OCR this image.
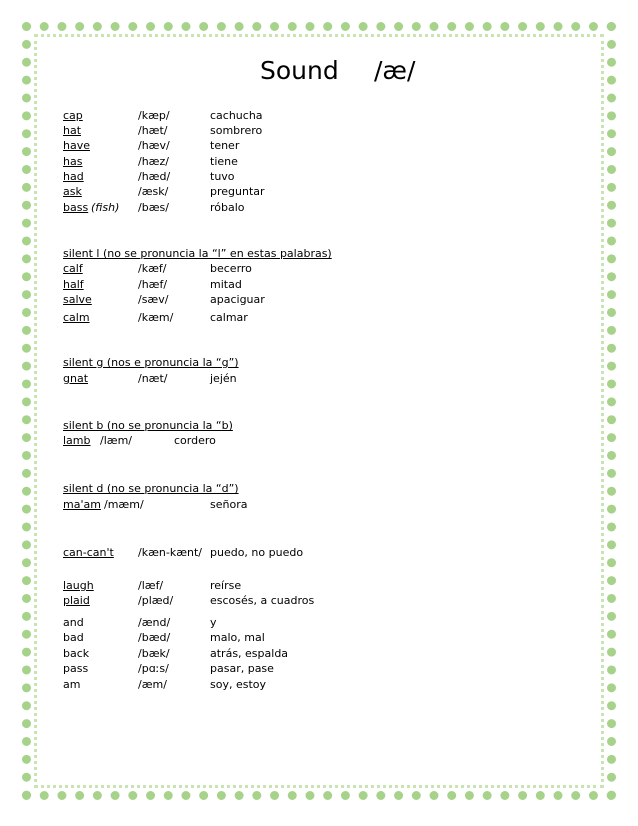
Sound /æ/
cap	/kæp/	cachucha
hat	/hæt/	sombrero
have	/hæv/	tener
has	/hæz/	tiene
had	/hæd/	tuvo
ask	/æsk/	preguntar
bass (fish) /bæs/	róbalo
silent l (no se pronuncia la “l” en estas palabras)
calf	/kæf/	becerro
half	/hæf/	mitad
salve	/sæv/	apaciguar
calm	/kæm/	calmar
silent g (nos e pronuncia la “g”)
gnat	/næt/	jején
silent b (no se pronuncia la “b)
lamb /læm/	cordero
silent d (no se pronuncia la “d”)
ma'am /mæm/	señora
can-can't /kæn-kænt/ puedo, no puedo
laugh	/læf/	reírse
plaid	/plæd/	escosés, a cuadros
and	/ænd/	y
bad	/bæd/	malo, mal
back	/bæk/	atrás, espalda
pass	/pɑːs/	pasar, pase
am	/æm/	soy, estoy
